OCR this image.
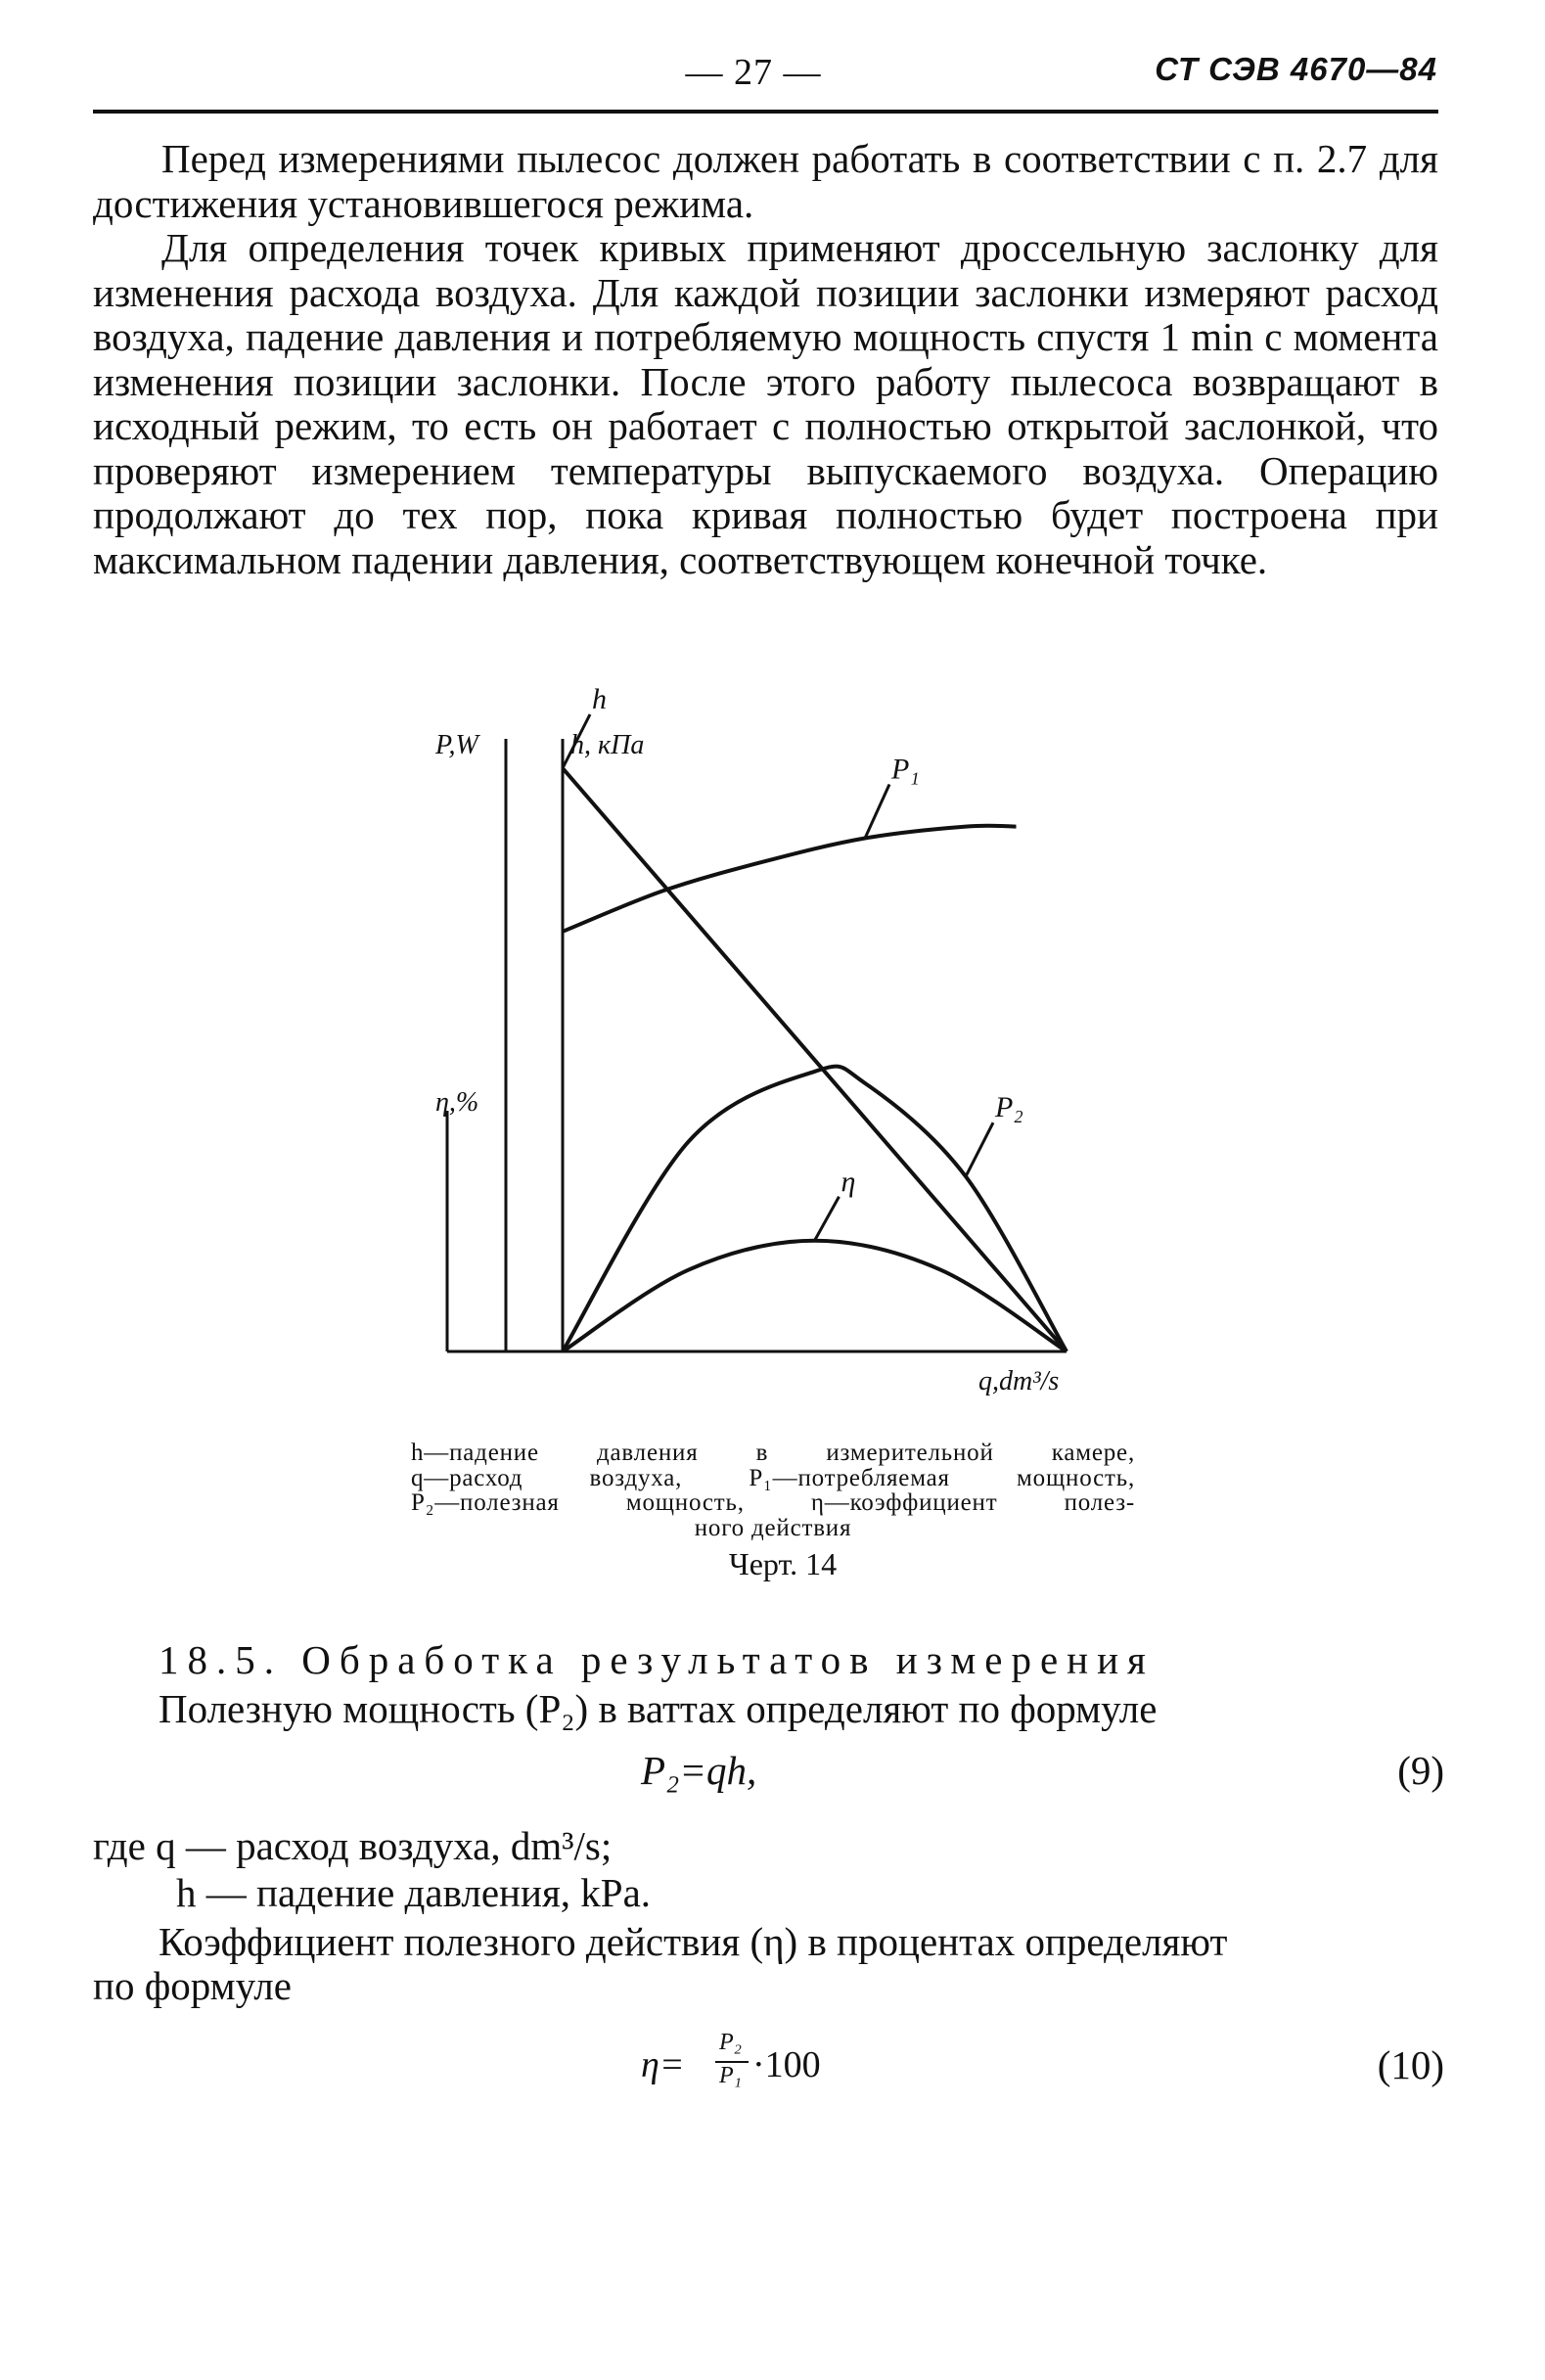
— 27 —	СТ СЭВ 4670—84

Перед измерениями пылесос должен работать в соответствии с п. 2.7 для достижения установившегося режима.

Для определения точек кривых применяют дроссельную заслонку для изменения расхода воздуха. Для каждой позиции заслонки измеряют расход воздуха, падение давления и потребляемую мощность спустя 1 min с момента изменения позиции заслонки. После этого работу пылесоса возвращают в исходный режим, то есть он работает с полностью открытой заслонкой, что проверяют измерением температуры выпускаемого воздуха. Операцию продолжают до тех пор, пока кривая полностью будет построена при максимальном падении давления, соответствующем конечной точке.

P,W	h, кПа
η,%
q,dm³/s
P₁
h
P₂
η
h—падение давления в измерительной камере,
q—расход воздуха, P₁—потребляемая мощность,
P₂—полезная мощность, η—коэффициент полез-
ного действия
Черт. 14
18.5. Обработка результатов измерения
Полезную мощность (P₂) в ваттах определяют по формуле
P₂=qh,	(9)
где q — расход воздуха, dm³/s;
h — падение давления, kPa.
Коэффициент полезного действия (η) в процентах определяют
по формуле
η=
P₂
P₁ ·100	(10)
